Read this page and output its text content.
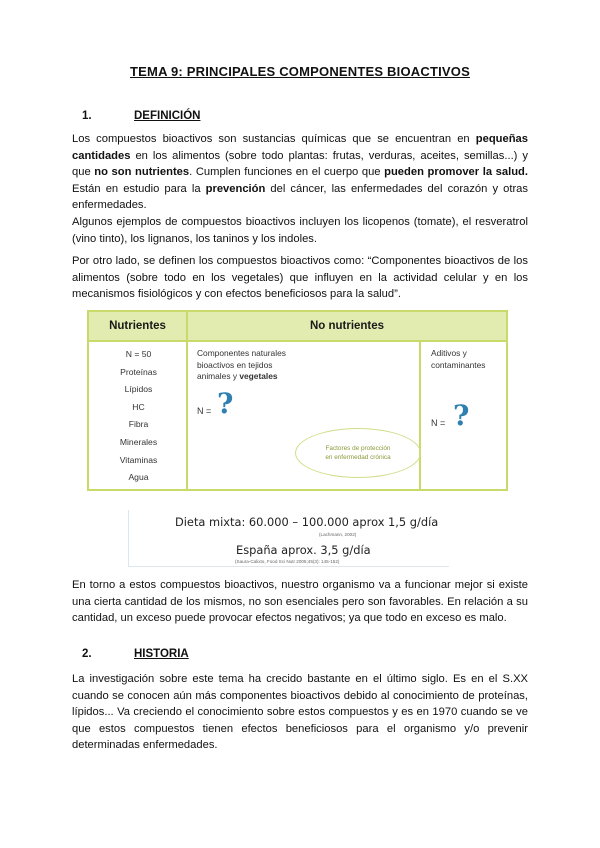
TEMA 9: PRINCIPALES COMPONENTES BIOACTIVOS
1.	DEFINICIÓN
Los compuestos bioactivos son sustancias químicas que se encuentran en pequeñas cantidades en los alimentos (sobre todo plantas: frutas, verduras, aceites, semillas...) y que no son nutrientes. Cumplen funciones en el cuerpo que pueden promover la salud. Están en estudio para la prevención del cáncer, las enfermedades del corazón y otras enfermedades.
Algunos ejemplos de compuestos bioactivos incluyen los licopenos (tomate), el resveratrol (vino tinto), los lignanos, los taninos y los indoles.
Por otro lado, se definen los compuestos bioactivos como: “Componentes bioactivos de los alimentos (sobre todo en los vegetales) que influyen en la actividad celular y en los mecanismos fisiológicos y con efectos beneficiosos para la salud”.
Nutrientes	No nutrientes
N = 50
Proteínas
Lípidos
HC
Fibra
Minerales
Vitaminas
Agua
Componentes naturales
bioactivos en tejidos
animales y vegetales
N = ?
Factores de protección
en enfermedad crónica
Aditivos y
contaminantes
N = ?
Dieta mixta: 60.000 – 100.000 aprox 1,5 g/día
(Lachmann, 2002)
España aprox. 3,5 g/día
(Saura-Calixto, Food Sci Nutr 2005;45(3): 145-152)
En torno a estos compuestos bioactivos, nuestro organismo va a funcionar mejor si existe una cierta cantidad de los mismos, no son esenciales pero son favorables. En relación a su cantidad, un exceso puede provocar efectos negativos; ya que todo en exceso es malo.
2.	HISTORIA
La investigación sobre este tema ha crecido bastante en el último siglo. Es en el S.XX cuando se conocen aún más componentes bioactivos debido al conocimiento de proteínas, lípidos... Va creciendo el conocimiento sobre estos compuestos y es en 1970 cuando se ve que estos compuestos tienen efectos beneficiosos para el organismo y/o prevenir determinadas enfermedades.
